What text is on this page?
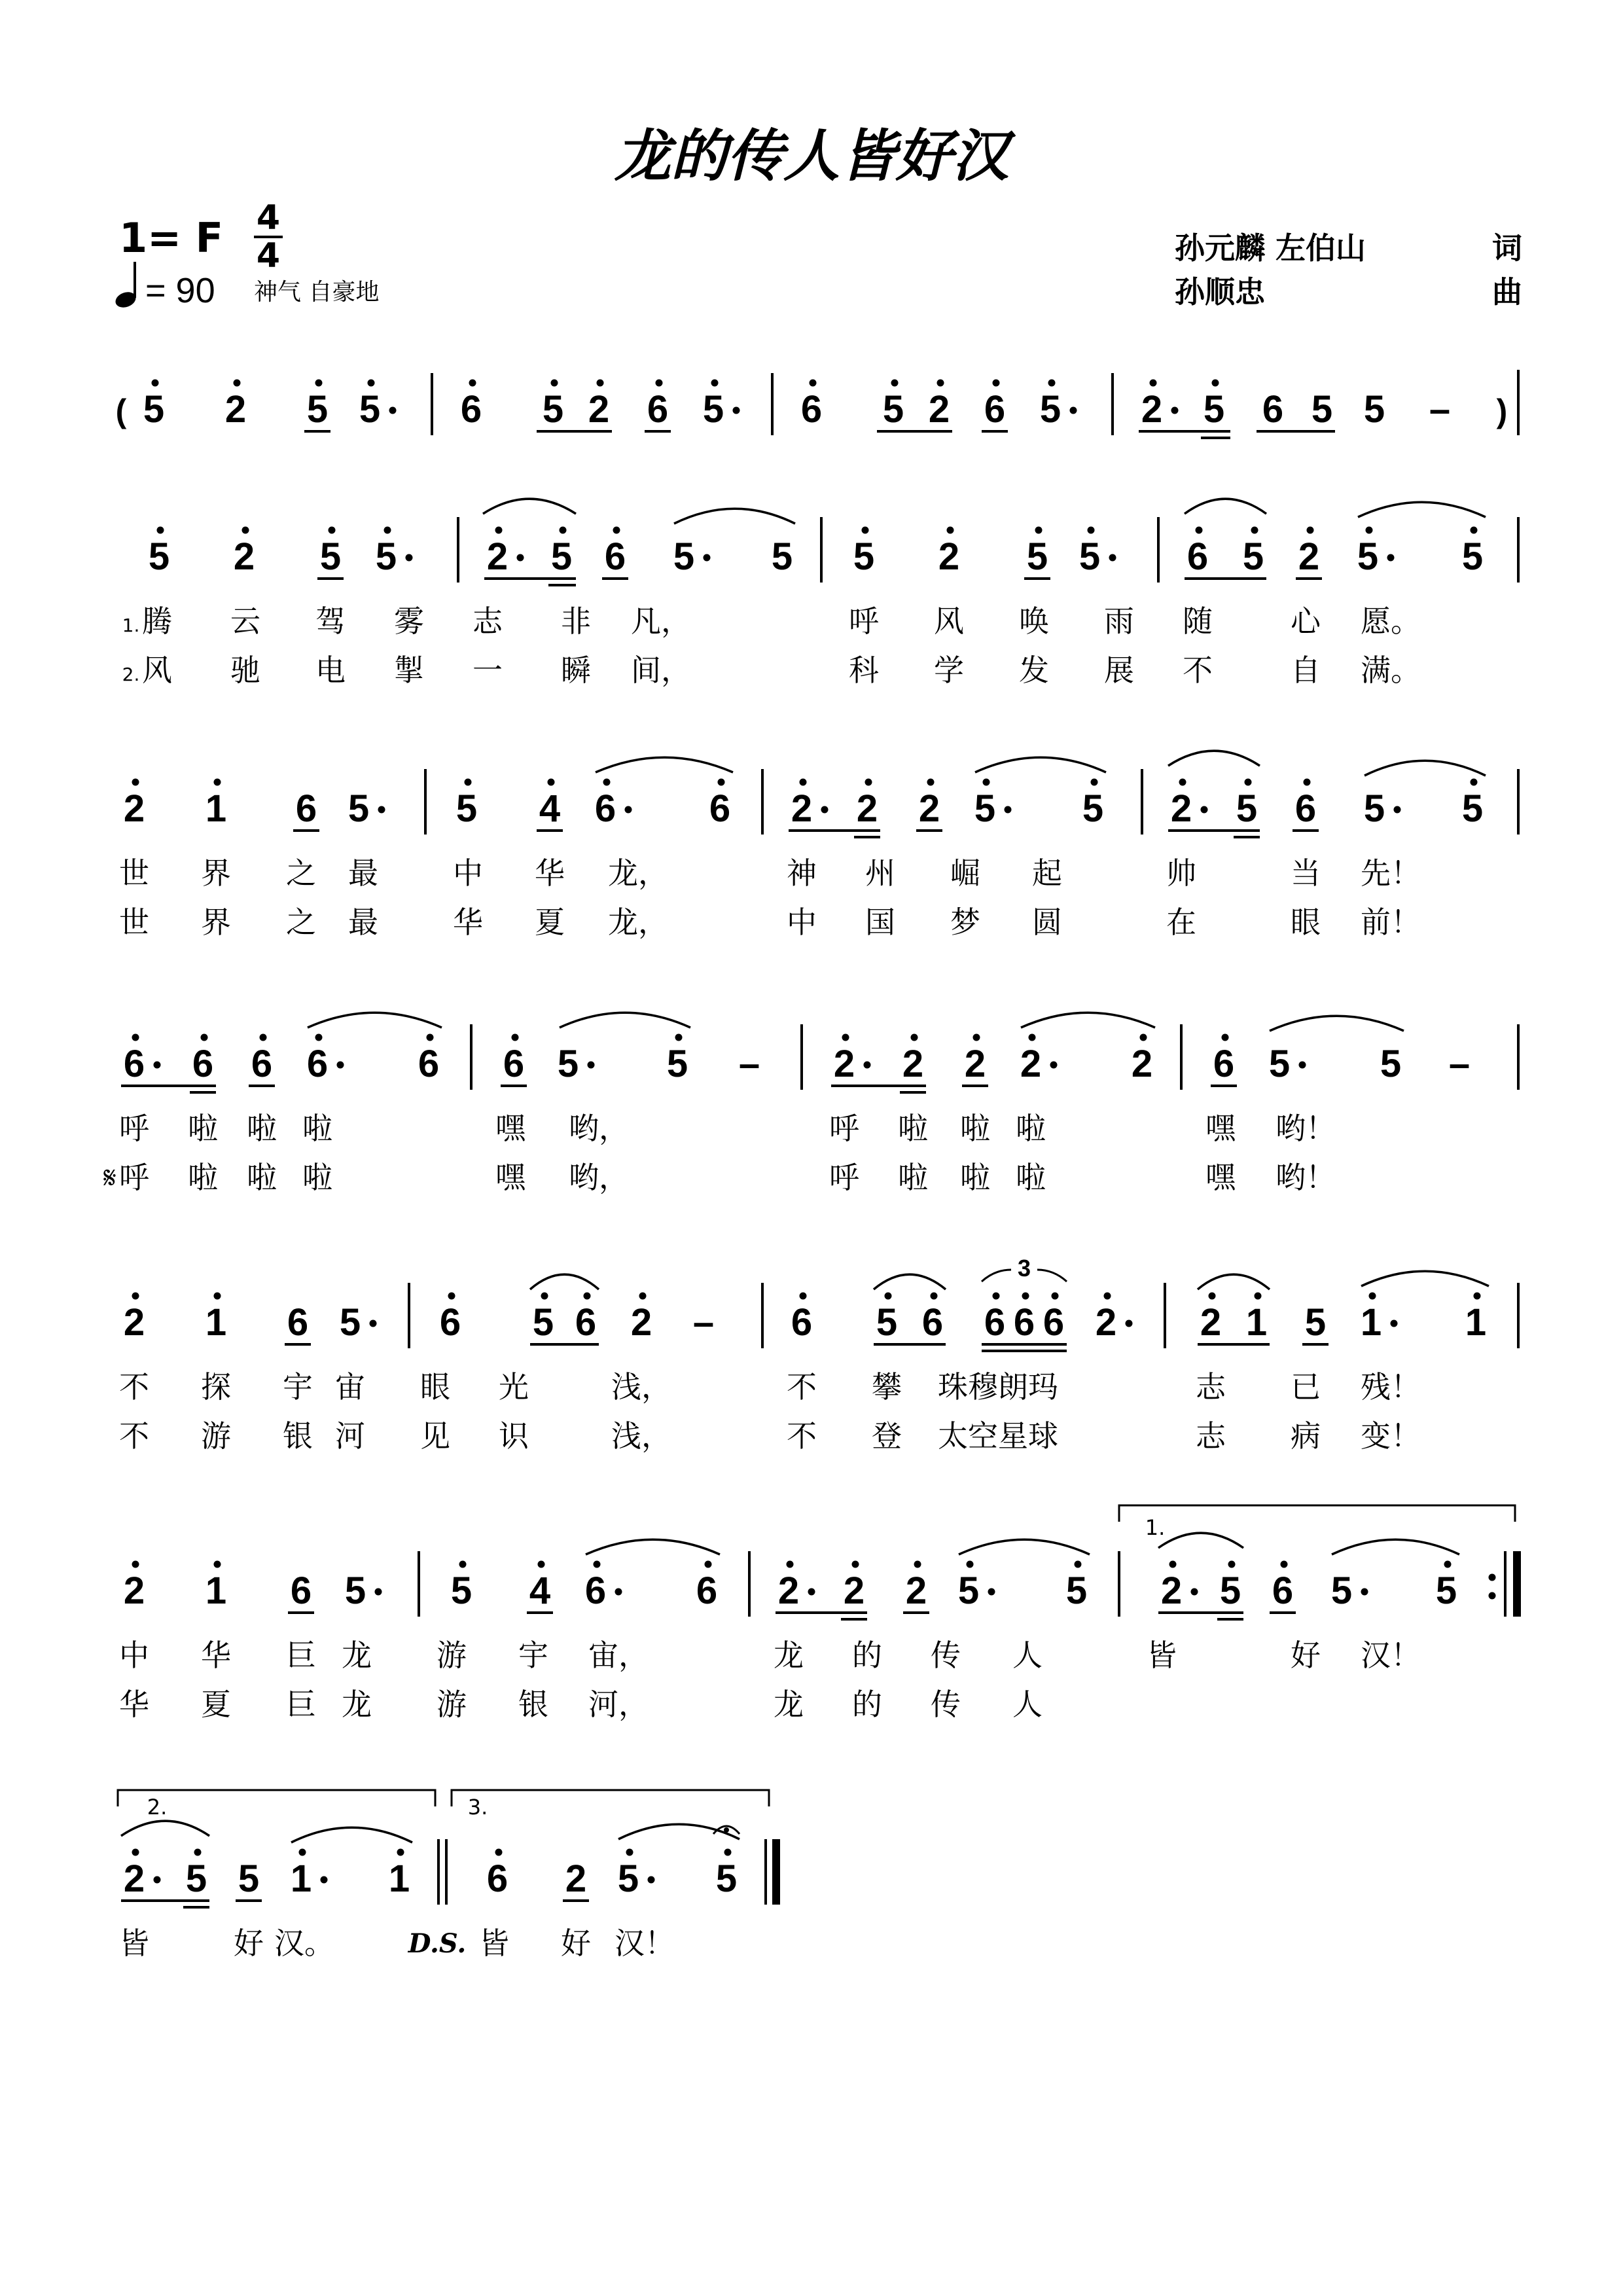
龙的传人皆好汉
1= F 4
4
= 90 神气 自豪地
孙元麟 左伯山	词
孙顺忠	曲
( 5 2 5 5 6 5 2 6 5 6 5 2 6 5 2 5 6 5 5 – )
5 2 5 5 2 5 6 5 5 5 2 5 5 6 5 2 5 5
1.
2.
腾 云 驾 雾 志 非 凡，	呼 风 唤 雨 随	心 愿。
风 驰 电 掣 一 瞬 间，	科 学 发 展 不	自 满。
2 1 6 5 5 4 6 6 2 2 2 5 5 2 5 6 5 5
世 界 之 最 中 华 龙，	神 州 崛 起	帅	当 先！
世 界 之 最 华 夏 龙，	中 国 梦 圆	在	眼 前！
6 6 6 6 6 6 5 5 – 2 2 2 2 2 6 5 5 –
呼 啦 啦 啦	嘿 哟，	呼 啦 啦 啦	嘿 哟！
𝄋 呼 啦 啦 啦	嘿 哟，	呼 啦 啦 啦	嘿 哟！
2 1 6 5 6 5 6 2 – 6 5 6 6 6 6 2 2 1 5 1 1
3
不 探 宇 宙 眼 光	浅，	不 攀 珠穆朗玛	志 已 残！
不 游 银 河 见 识	浅，	不 登 太空星球	志 病 变！
2 1 6 5 5 4 6 6 2 2 2 5 5 2 5 6 5 5
1.
中 华 巨 龙 游 宇 宙，	龙 的 传 人	皆	好 汉！
华 夏 巨 龙 游 银 河，	龙 的 传 人
2 5 5 1 1 6 2 5 5
2.	3.
皆	好 汉。	皆 好 汉！
D.S.
